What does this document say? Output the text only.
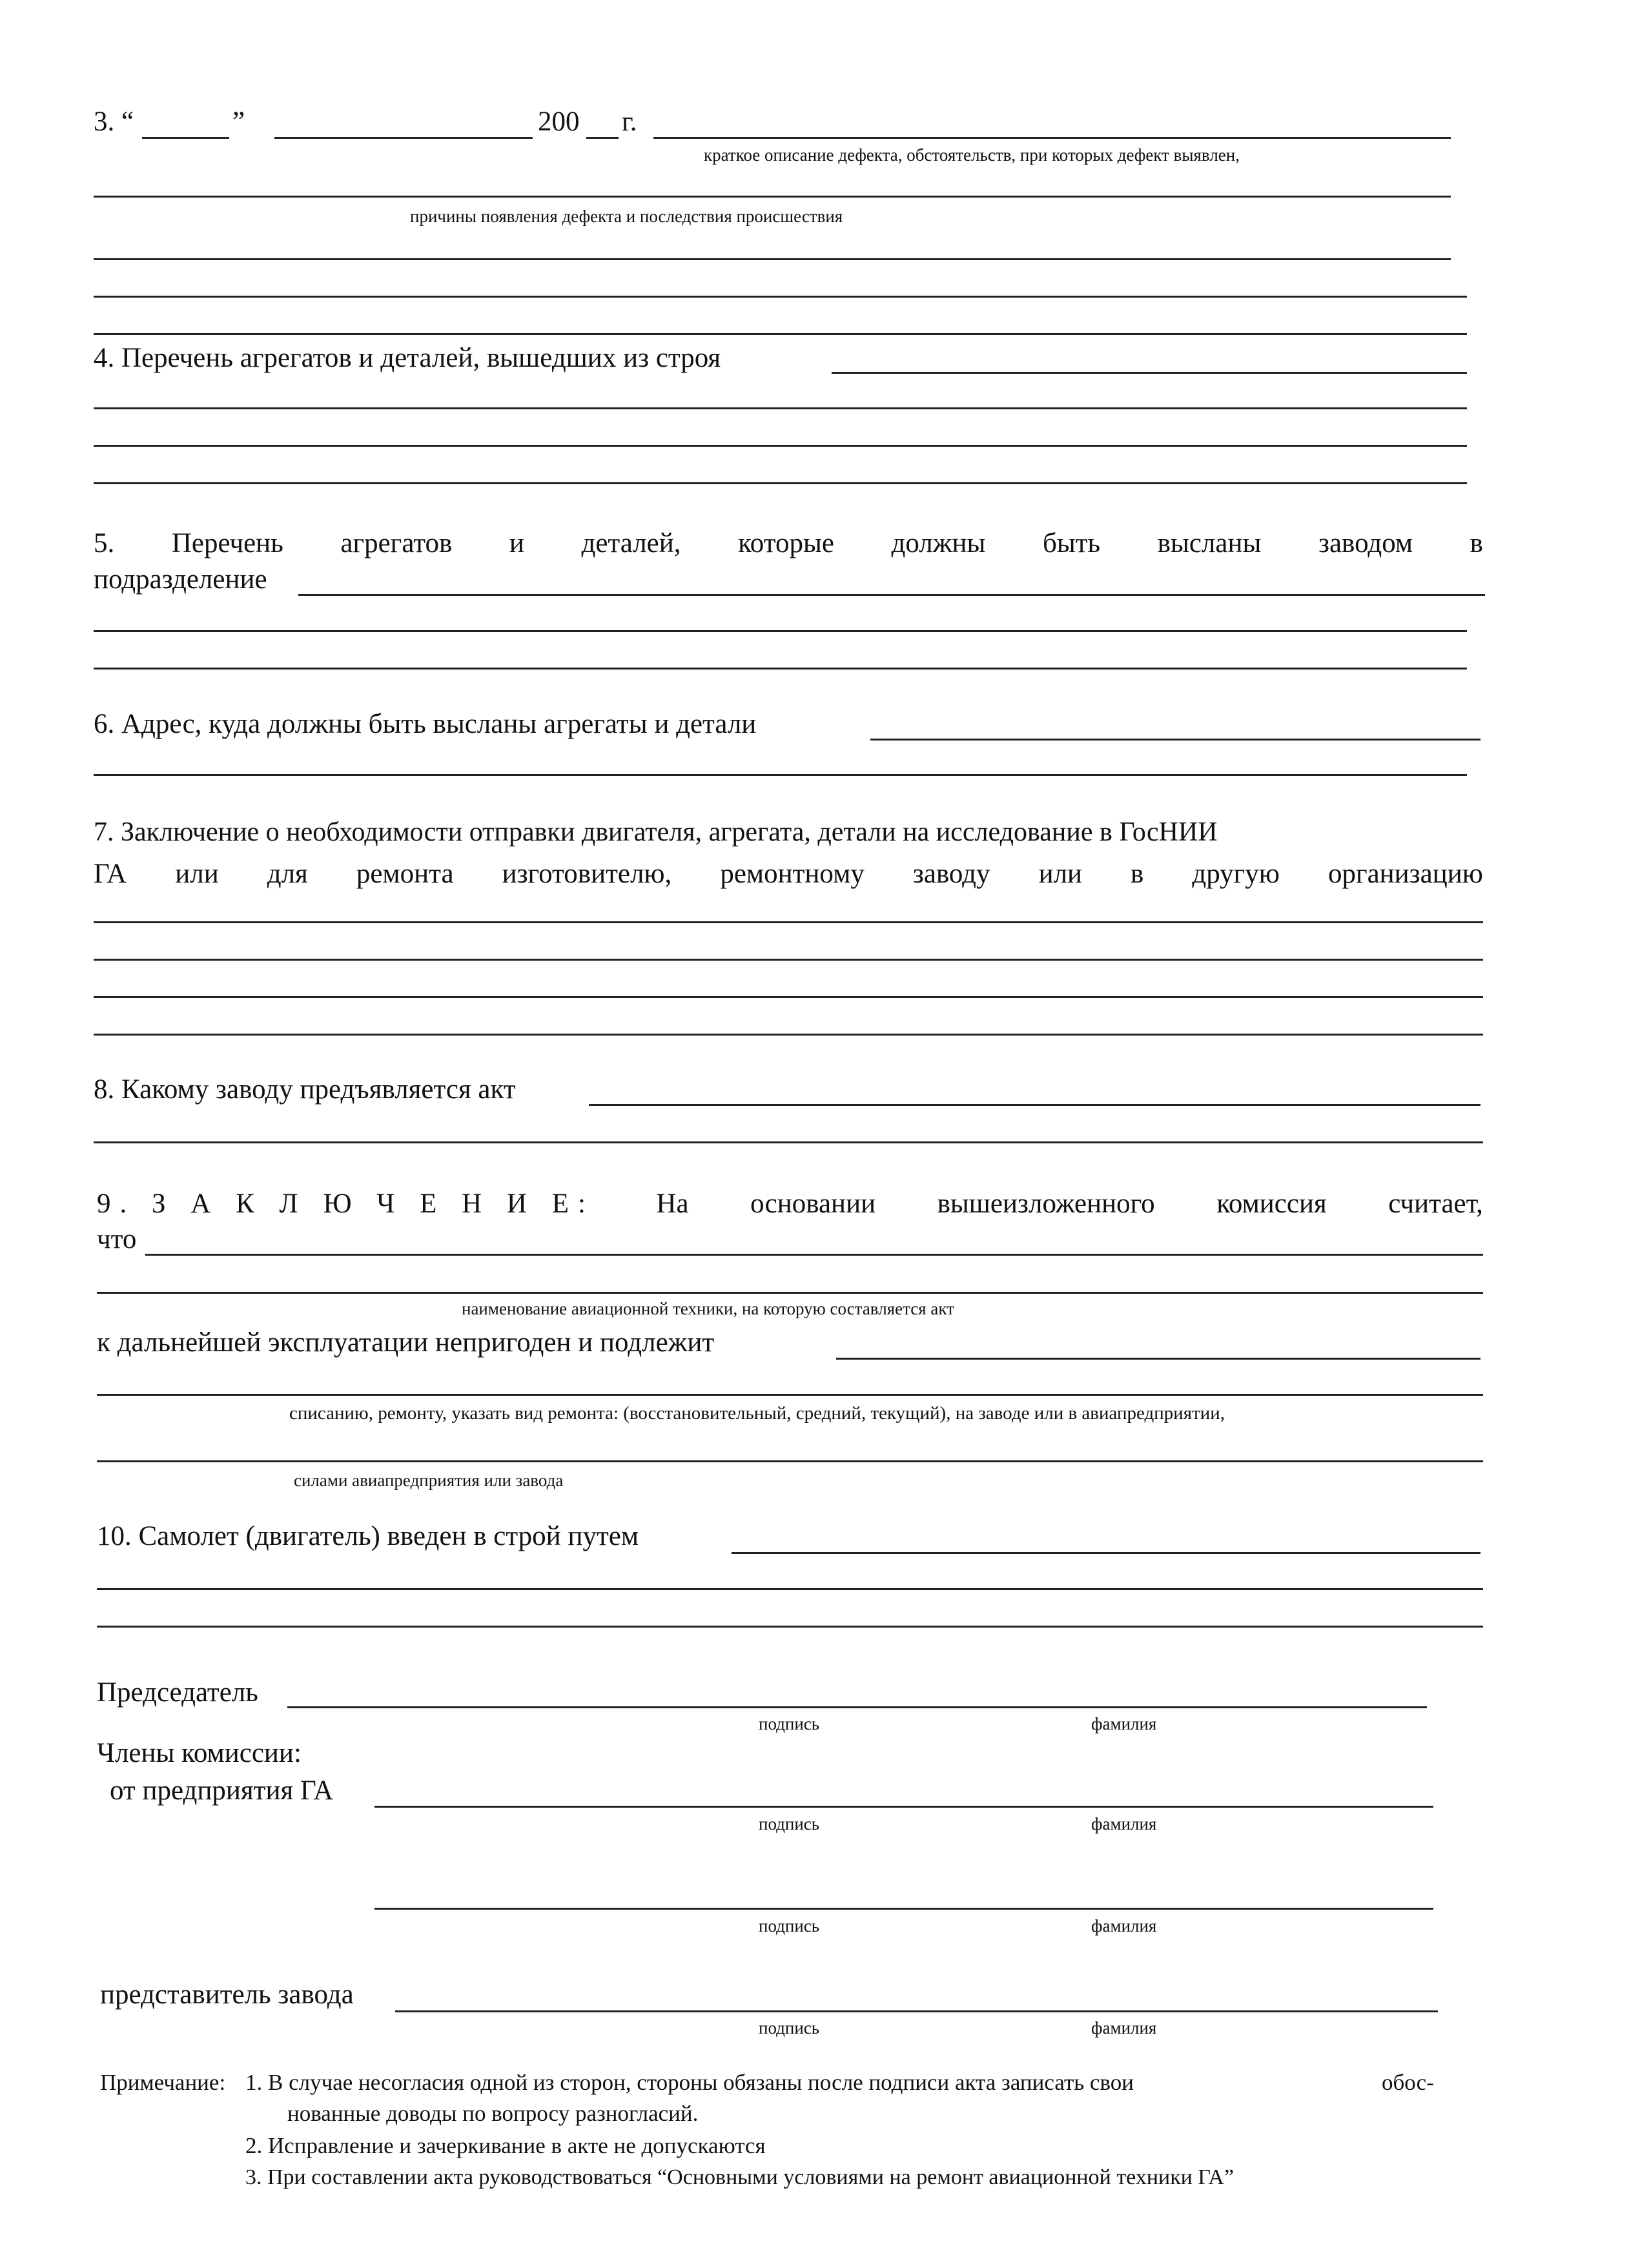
3. “	”	200 г.
краткое описание дефекта, обстоятельств, при которых дефект выявлен,
причины появления дефекта и последствия происшествия
4. Перечень агрегатов и деталей, вышедших из строя
5. Перечень агрегатов и деталей, которые должны быть высланы заводом в
подразделение
6. Адрес, куда должны быть высланы агрегаты и детали
7. Заключение о необходимости отправки двигателя, агрегата, детали на исследование в ГосНИИ
ГА или для ремонта изготовителю, ремонтному заводу или в другую организацию
8. Какому заводу предъявляется акт
9. З А К Л Ю Ч Е Н И Е: На основании вышеизложенного комиссия считает,
что
наименование авиационной техники, на которую составляется акт
к дальнейшей эксплуатации непригоден и подлежит
списанию, ремонту, указать вид ремонта: (восстановительный, средний, текущий), на заводе или в авиапредприятии,
силами авиапредприятия или завода
10. Самолет (двигатель) введен в строй путем
Председатель
подпись	фамилия
Члены комиссии:
от предприятия ГА
подпись	фамилия
подпись	фамилия
представитель завода
подпись	фамилия
Примечание: 1. В случае несогласия одной из сторон, стороны обязаны после подписи акта записать свои	обос-
нованные доводы по вопросу разногласий.
2. Исправление и зачеркивание в акте не допускаются
3. При составлении акта руководствоваться “Основными условиями на ремонт авиационной техники ГА”
